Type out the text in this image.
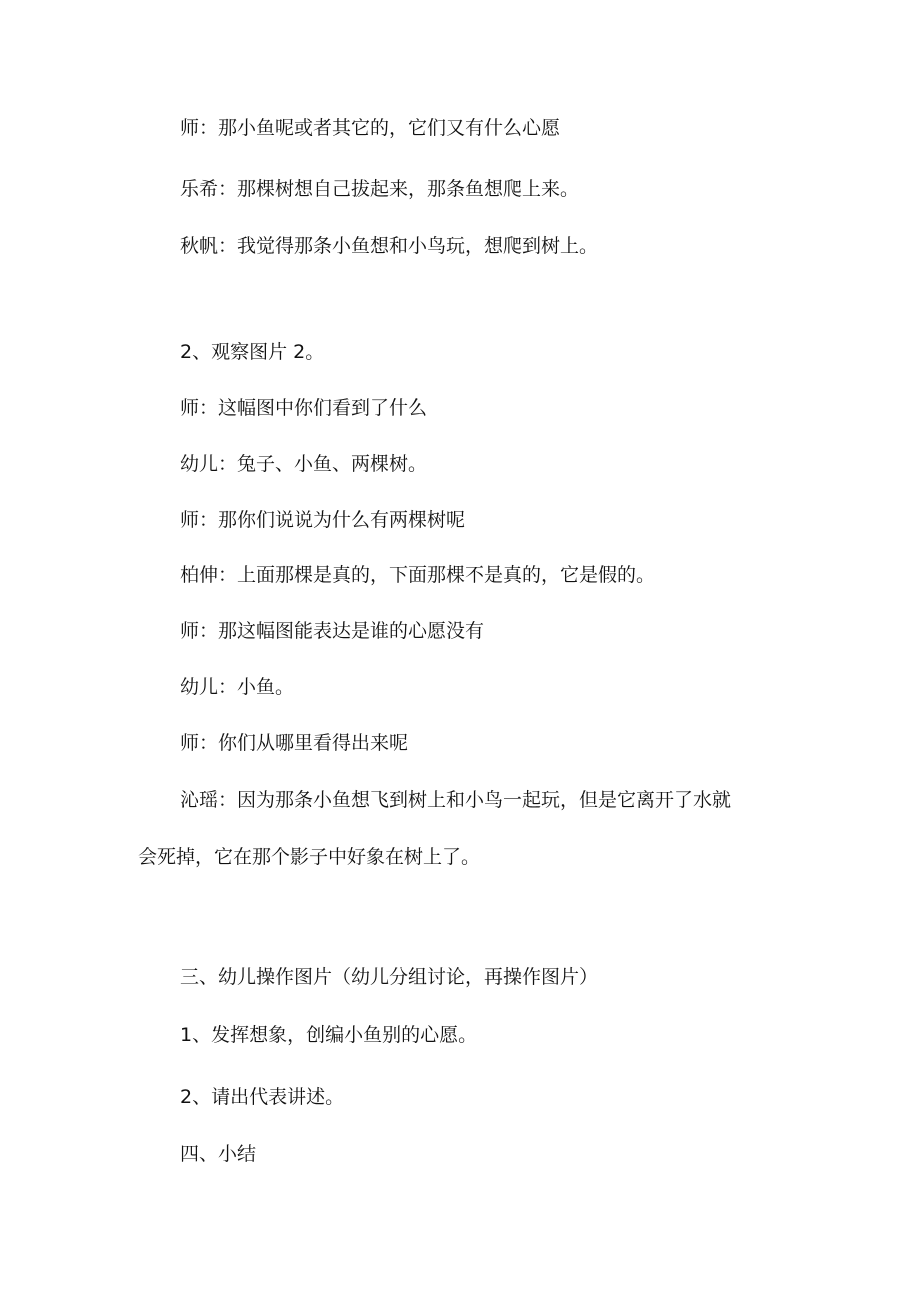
师：那小鱼呢或者其它的，它们又有什么心愿
乐希：那棵树想自己拔起来，那条鱼想爬上来。
秋帆：我觉得那条小鱼想和小鸟玩，想爬到树上。
2、观察图片 2。
师：这幅图中你们看到了什么
幼儿：兔子、小鱼、两棵树。
师：那你们说说为什么有两棵树呢
柏伸：上面那棵是真的，下面那棵不是真的，它是假的。
师：那这幅图能表达是谁的心愿没有
幼儿：小鱼。
师：你们从哪里看得出来呢
沁瑶：因为那条小鱼想飞到树上和小鸟一起玩，但是它离开了水就
会死掉，它在那个影子中好象在树上了。
三、幼儿操作图片（幼儿分组讨论，再操作图片）
1、发挥想象，创编小鱼别的心愿。
2、请出代表讲述。
四、小结
